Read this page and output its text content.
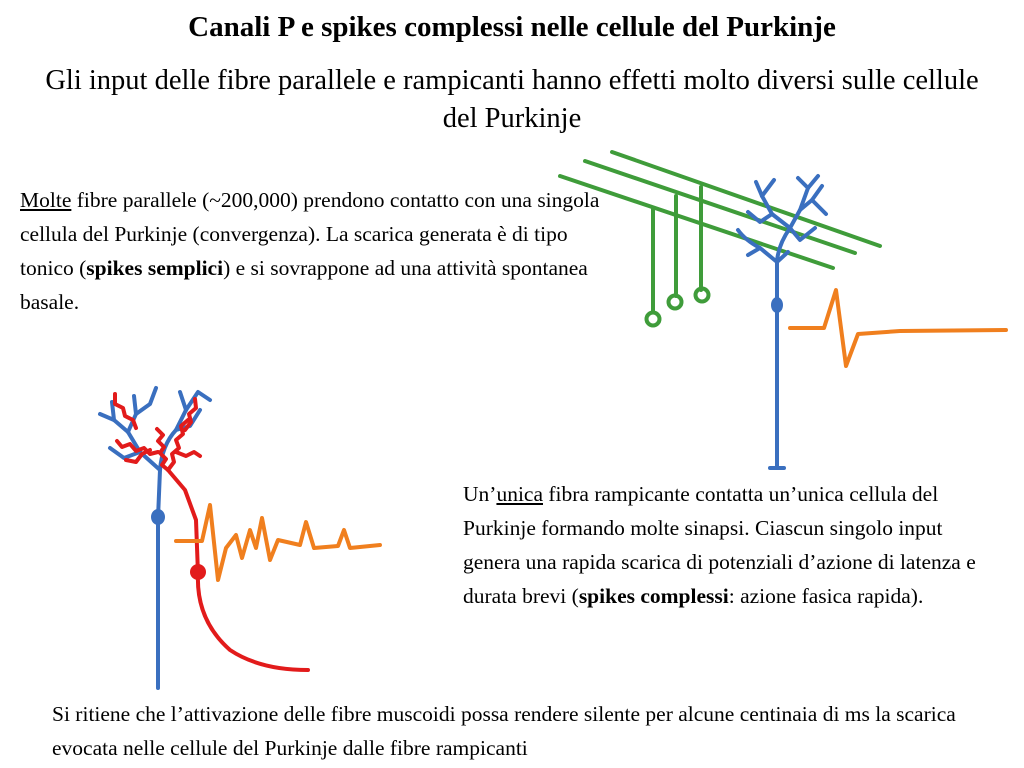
Canali P e spikes complessi nelle cellule del Purkinje
Gli input delle fibre parallele e rampicanti hanno effetti molto diversi sulle cellule del Purkinje
Molte fibre parallele (~200,000) prendono contatto con una singola cellula del Purkinje (convergenza). La scarica generata è di tipo tonico (spikes semplici) e si sovrappone ad una attività spontanea basale.
Un’unica fibra rampicante contatta un’unica cellula del Purkinje formando molte sinapsi. Ciascun singolo input genera una rapida scarica di potenziali d’azione di latenza e durata brevi (spikes complessi: azione fasica rapida).
Si ritiene che l’attivazione delle fibre muscoidi possa rendere silente per alcune centinaia di ms la scarica evocata nelle cellule del Purkinje dalle fibre rampicanti
